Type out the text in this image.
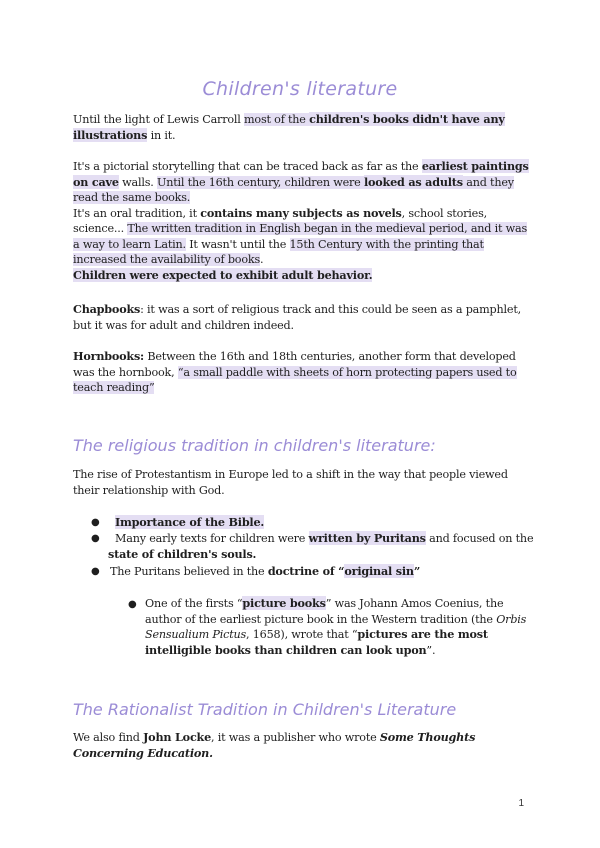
Children's literature
Until the light of Lewis Carroll most of the children's books didn't have any illustrations in it.
It's a pictorial storytelling that can be traced back as far as the earliest paintings on cave walls. Until the 16th century, children were looked as adults and they read the same books.
It's an oral tradition, it contains many subjects as novels, school stories, science... The written tradition in English began in the medieval period, and it was a way to learn Latin. It wasn't until the 15th Century with the printing that increased the availability of books.
Children were expected to exhibit adult behavior.
Chapbooks: it was a sort of religious track and this could be seen as a pamphlet, but it was for adult and children indeed.
Hornbooks: Between the 16th and 18th centuries, another form that developed was the hornbook, “a small paddle with sheets of horn protecting papers used to teach reading”
The religious tradition in children's literature:
The rise of Protestantism in Europe led to a shift in the way that people viewed their relationship with God.
● Importance of the Bible.
● Many early texts for children were written by Puritans and focused on the
state of children's souls.
● The Puritans believed in the doctrine of “original sin”
● One of the firsts “picture books” was Johann Amos Coenius, the author of the earliest picture book in the Western tradition (the Orbis Sensualium Pictus, 1658), wrote that “pictures are the most intelligible books than children can look upon”.
The Rationalist Tradition in Children's Literature
We also find John Locke, it was a publisher who wrote Some Thoughts Concerning Education.
1
